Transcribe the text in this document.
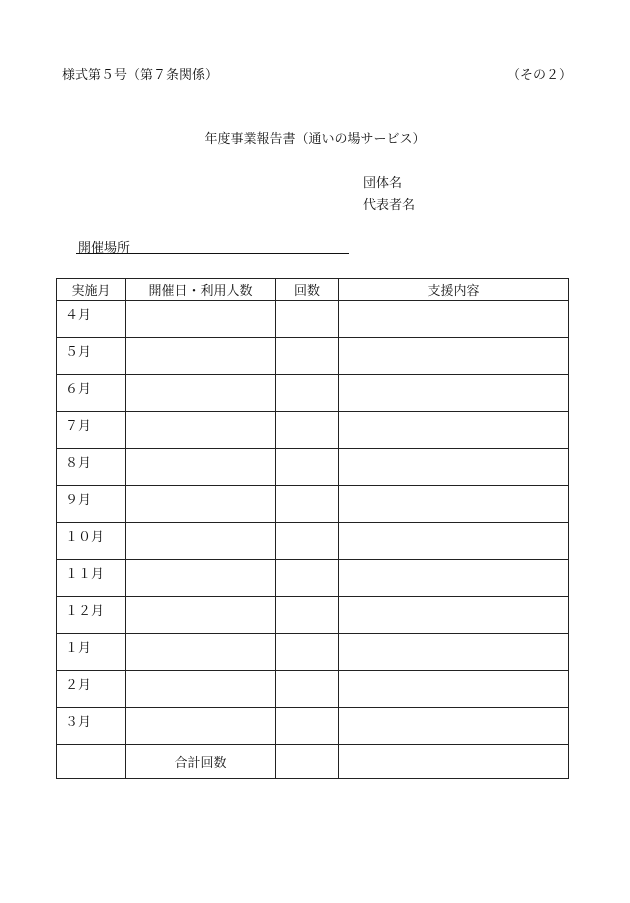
様式第５号（第７条関係）	（その２）
年度事業報告書（通いの場サービス）
団体名
代表者名
開催場所
実施月	開催日・利用人数	回数	支援内容
４月			
５月			
６月			
７月			
８月			
９月			
１０月			
１１月			
１２月			
１月			
２月			
３月			
	合計回数		
